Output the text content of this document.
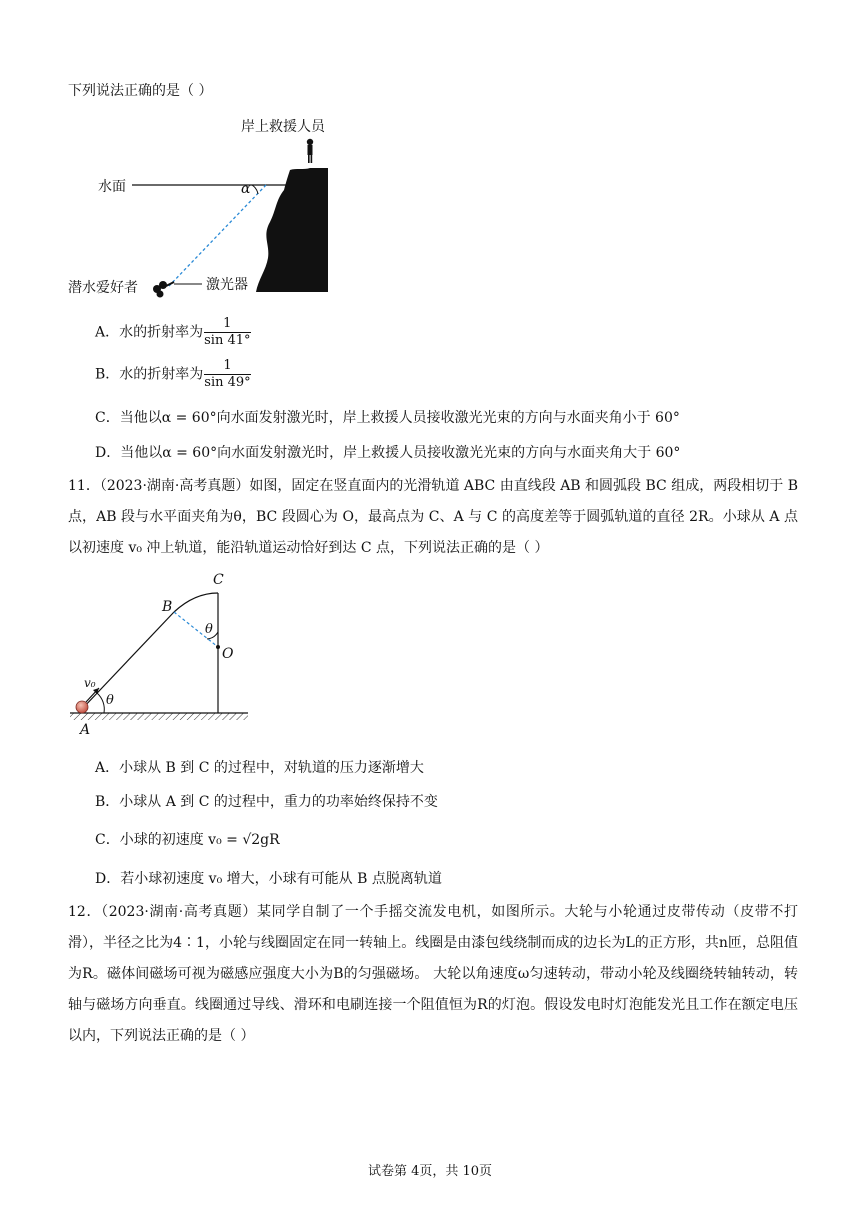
下列说法正确的是（ ）
岸上救援人员
水面	α
潜水爱好者	激光器
A．水的折射率为 $\frac{1}{\sin 41^\circ}$
B．水的折射率为 $\frac{1}{\sin 49^\circ}$
C．当他以α = 60°向水面发射激光时，岸上救援人员接收激光光束的方向与水面夹角小于 60°
D．当他以α = 60°向水面发射激光时，岸上救援人员接收激光光束的方向与水面夹角大于 60°
11．（2023·湖南·高考真题）如图，固定在竖直面内的光滑轨道 ABC 由直线段 AB 和圆弧段 BC 组成，两段相切于 B 点，AB 段与水平面夹角为θ，BC 段圆心为 O，最高点为 C、A 与 C 的高度差等于圆弧轨道的直径 2R。小球从 A 点以初速度 v₀ 冲上轨道，能沿轨道运动恰好到达 C 点，下列说法正确的是（ ）
C
B
θ
O
v₀
θ
A
A．小球从 B 到 C 的过程中，对轨道的压力逐渐增大
B．小球从 A 到 C 的过程中，重力的功率始终保持不变
C．小球的初速度 v₀ = √2gR
D．若小球初速度 v₀ 增大，小球有可能从 B 点脱离轨道
12．（2023·湖南·高考真题）某同学自制了一个手摇交流发电机，如图所示。大轮与小轮通过皮带传动（皮带不打滑），半径之比为4∶1，小轮与线圈固定在同一转轴上。线圈是由漆包线绕制而成的边长为L的正方形，共n匝，总阻值为R。磁体间磁场可视为磁感应强度大小为B的匀强磁场。 大轮以角速度ω匀速转动，带动小轮及线圈绕转轴转动，转轴与磁场方向垂直。线圈通过导线、滑环和电刷连接一个阻值恒为R的灯泡。假设发电时灯泡能发光且工作在额定电压以内，下列说法正确的是（ ）
试卷第 4页，共 10页
